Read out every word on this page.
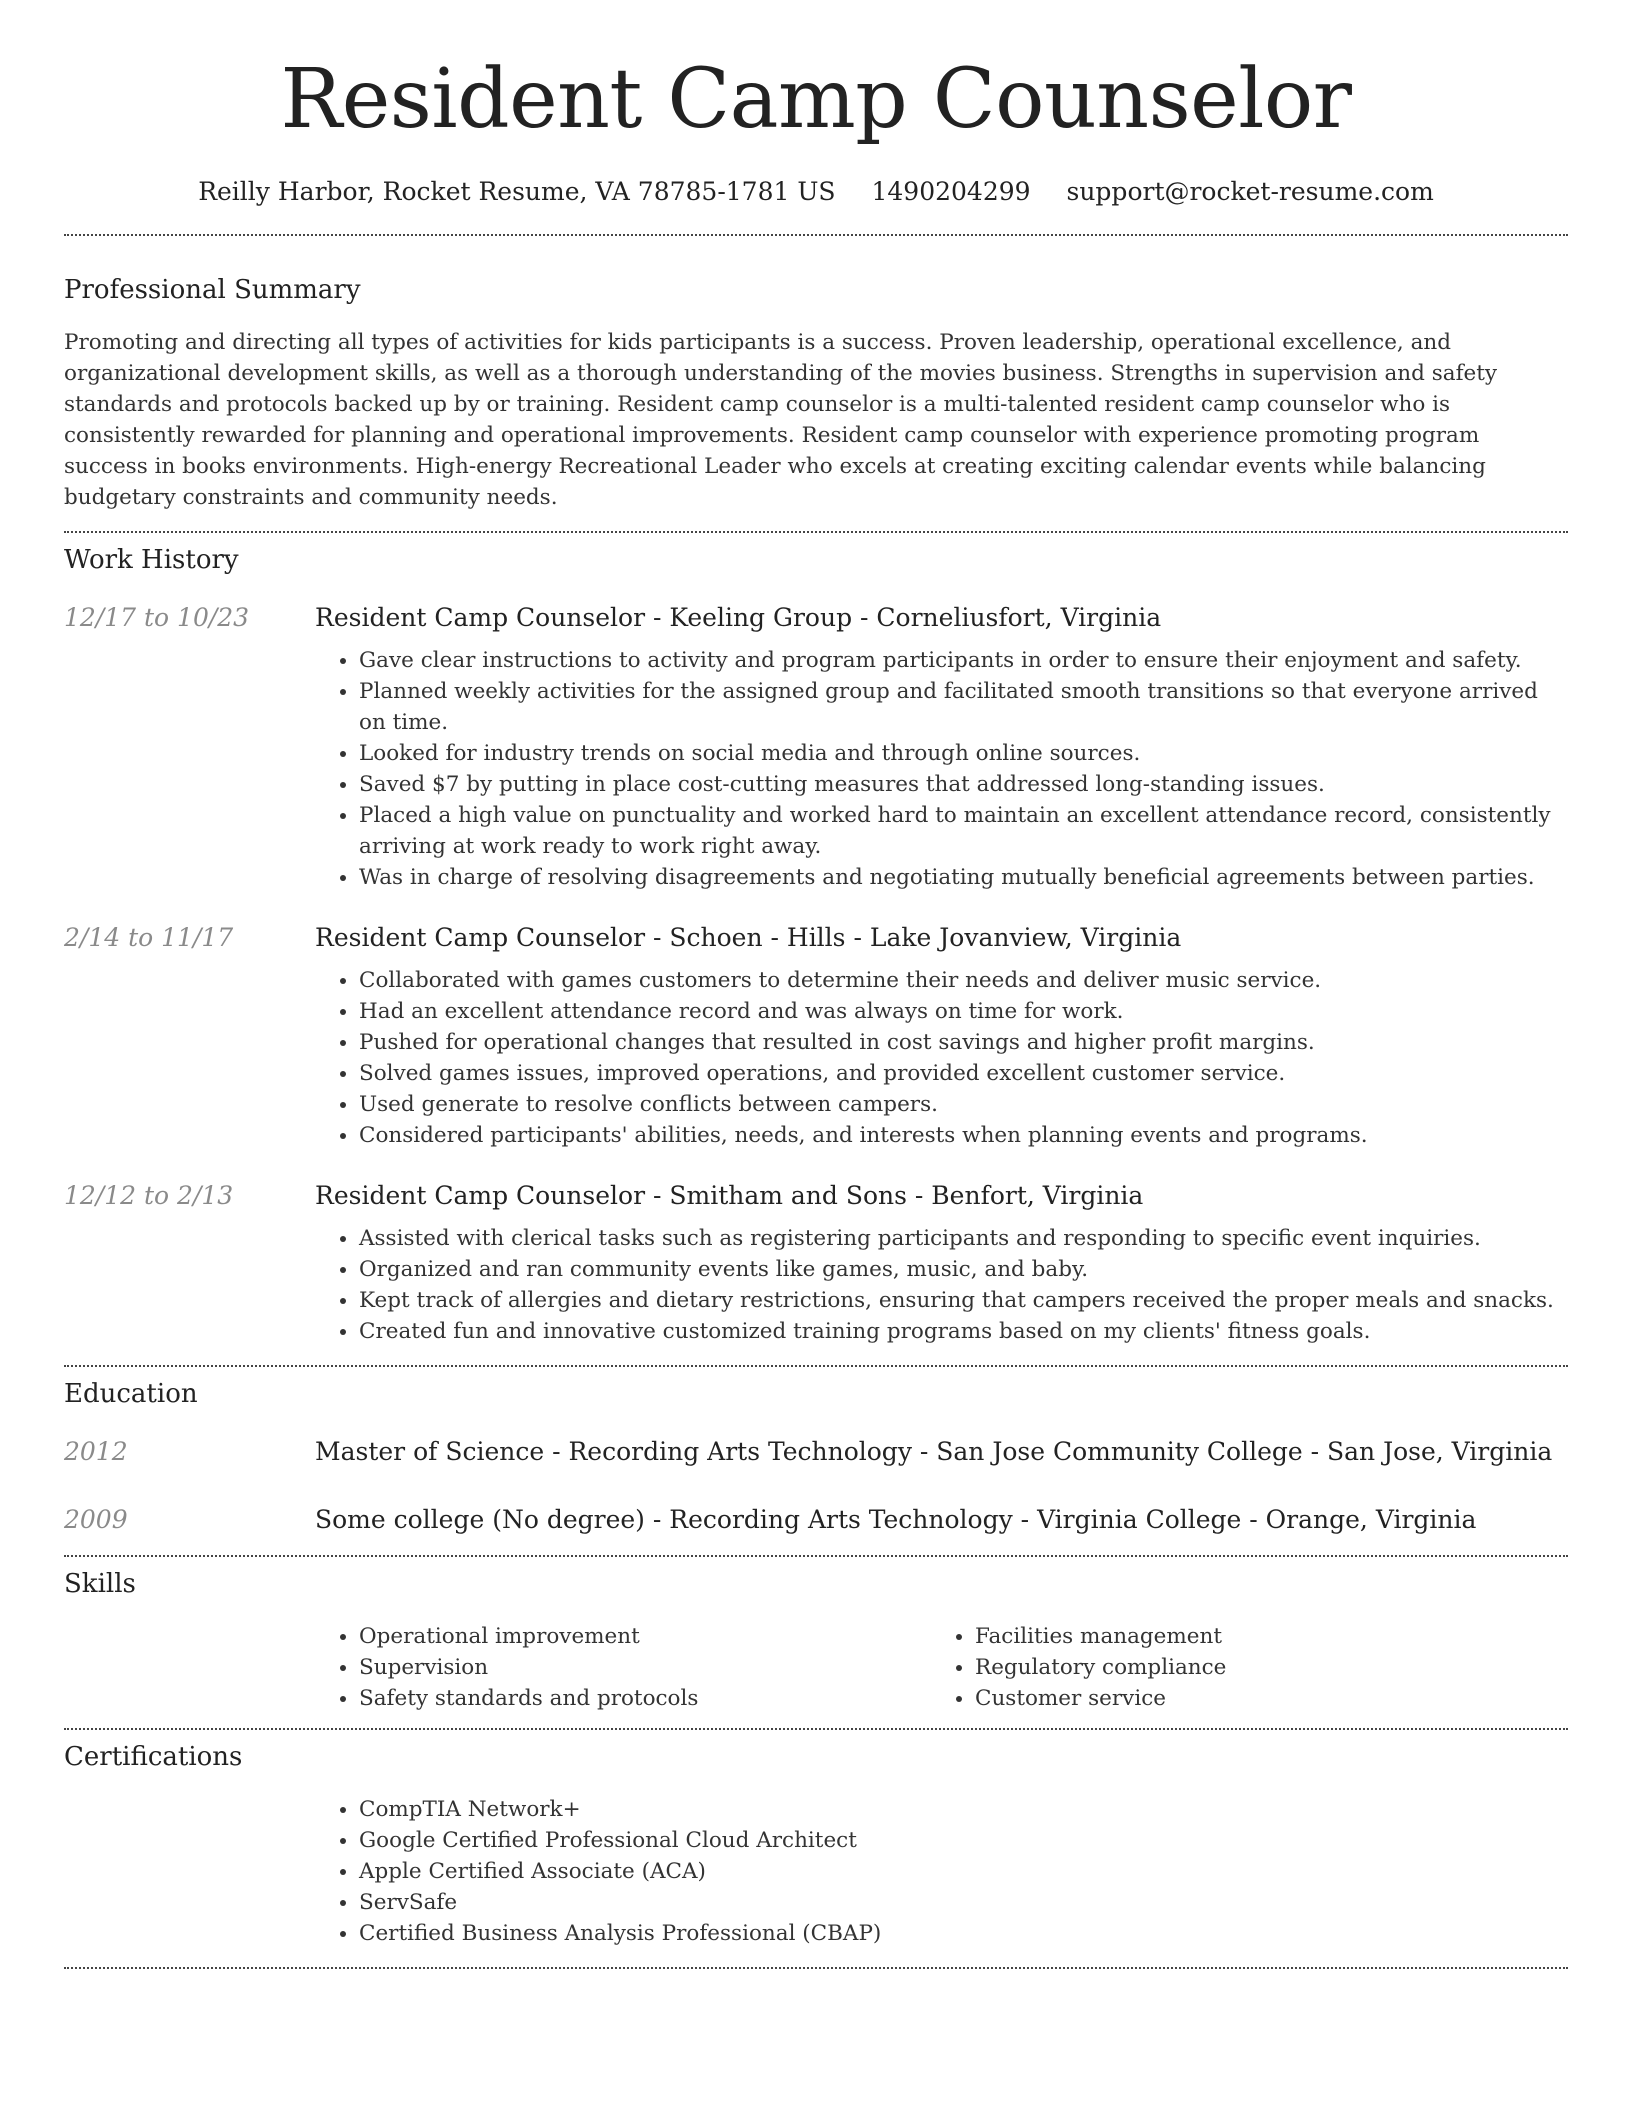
Resident Camp Counselor
Reilly Harbor, Rocket Resume, VA 78785-1781 US 1490204299 support@rocket-resume.com
Professional Summary

Promoting and directing all types of activities for kids participants is a success. Proven leadership, operational excellence, and organizational development skills, as well as a thorough understanding of the movies business. Strengths in supervision and safety standards and protocols backed up by or training. Resident camp counselor is a multi-talented resident camp counselor who is consistently rewarded for planning and operational improvements. Resident camp counselor with experience promoting program success in books environments. High-energy Recreational Leader who excels at creating exciting calendar events while balancing budgetary constraints and community needs.

Work History
12/17 to 10/23	Resident Camp Counselor - Keeling Group - Corneliusfort, Virginia
• Gave clear instructions to activity and program participants in order to ensure their enjoyment and safety.
• Planned weekly activities for the assigned group and facilitated smooth transitions so that everyone arrived on time.
• Looked for industry trends on social media and through online sources.
• Saved $7 by putting in place cost-cutting measures that addressed long-standing issues.
• Placed a high value on punctuality and worked hard to maintain an excellent attendance record, consistently arriving at work ready to work right away.
• Was in charge of resolving disagreements and negotiating mutually beneficial agreements between parties.
2/14 to 11/17	Resident Camp Counselor - Schoen - Hills - Lake Jovanview, Virginia
• Collaborated with games customers to determine their needs and deliver music service.
• Had an excellent attendance record and was always on time for work.
• Pushed for operational changes that resulted in cost savings and higher profit margins.
• Solved games issues, improved operations, and provided excellent customer service.
• Used generate to resolve conflicts between campers.
• Considered participants' abilities, needs, and interests when planning events and programs.
12/12 to 2/13	Resident Camp Counselor - Smitham and Sons - Benfort, Virginia
• Assisted with clerical tasks such as registering participants and responding to specific event inquiries.
• Organized and ran community events like games, music, and baby.
• Kept track of allergies and dietary restrictions, ensuring that campers received the proper meals and snacks.
• Created fun and innovative customized training programs based on my clients' fitness goals.
Education
2012	Master of Science - Recording Arts Technology - San Jose Community College - San Jose, Virginia
2009	Some college (No degree) - Recording Arts Technology - Virginia College - Orange, Virginia
Skills
• Operational improvement
• Supervision
• Safety standards and protocols
• Facilities management
• Regulatory compliance
• Customer service
Certifications
• CompTIA Network+
• Google Certified Professional Cloud Architect
• Apple Certified Associate (ACA)
• ServSafe
• Certified Business Analysis Professional (CBAP)
